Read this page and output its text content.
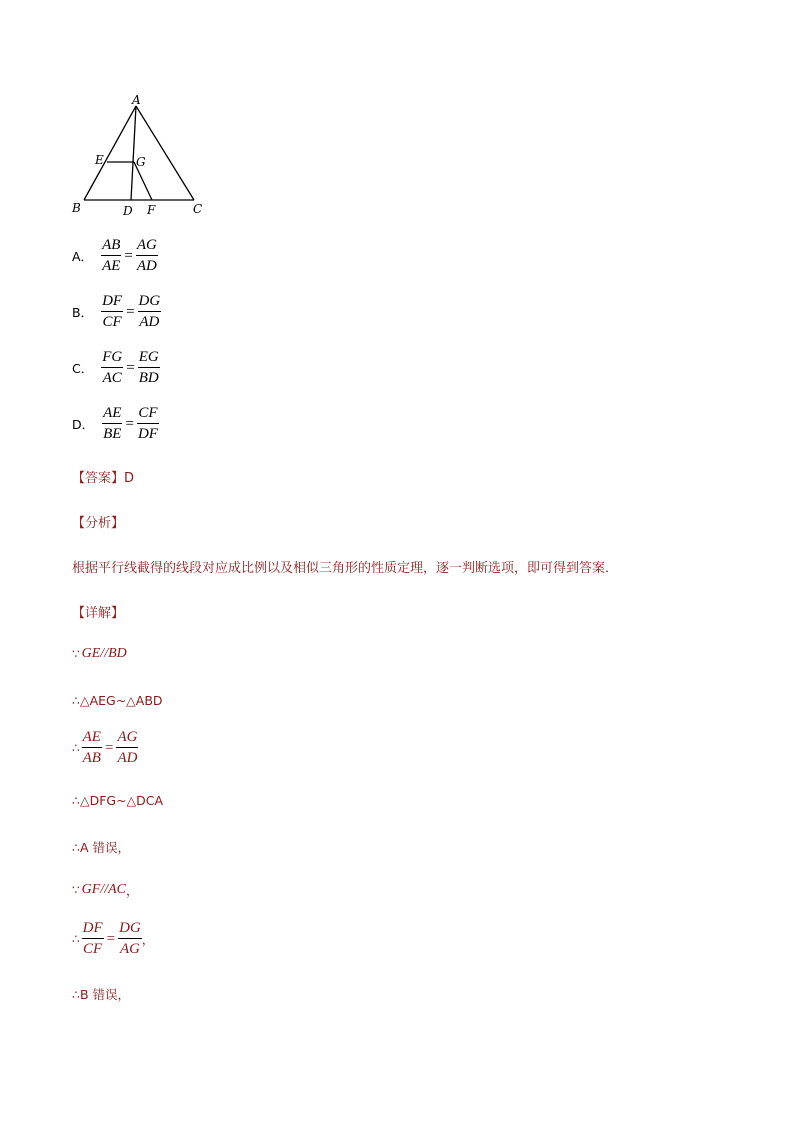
A
B	C
D
E
F
G
A． $\frac{AB}{AE} = \frac{AG}{AD}$
B． $\frac{DF}{CF} = \frac{DG}{AD}$
C． $\frac{FG}{AC} = \frac{EG}{BD}$
D． $\frac{AE}{BE} = \frac{CF}{DF}$
【答案】D
【分析】
根据平行线截得的线段对应成比例以及相似三角形的性质定理，逐一判断选项，即可得到答案．
【详解】
∵ GE//BD
∴△AEG~△ABD
∴ $\frac{AE}{AB} = \frac{AG}{AD}$
∴△DFG~△DCA
∴A 错误，
∵ GF//AC ，
∴ $\frac{DF}{CF} = \frac{DG}{AG}$ ，
∴B 错误，
